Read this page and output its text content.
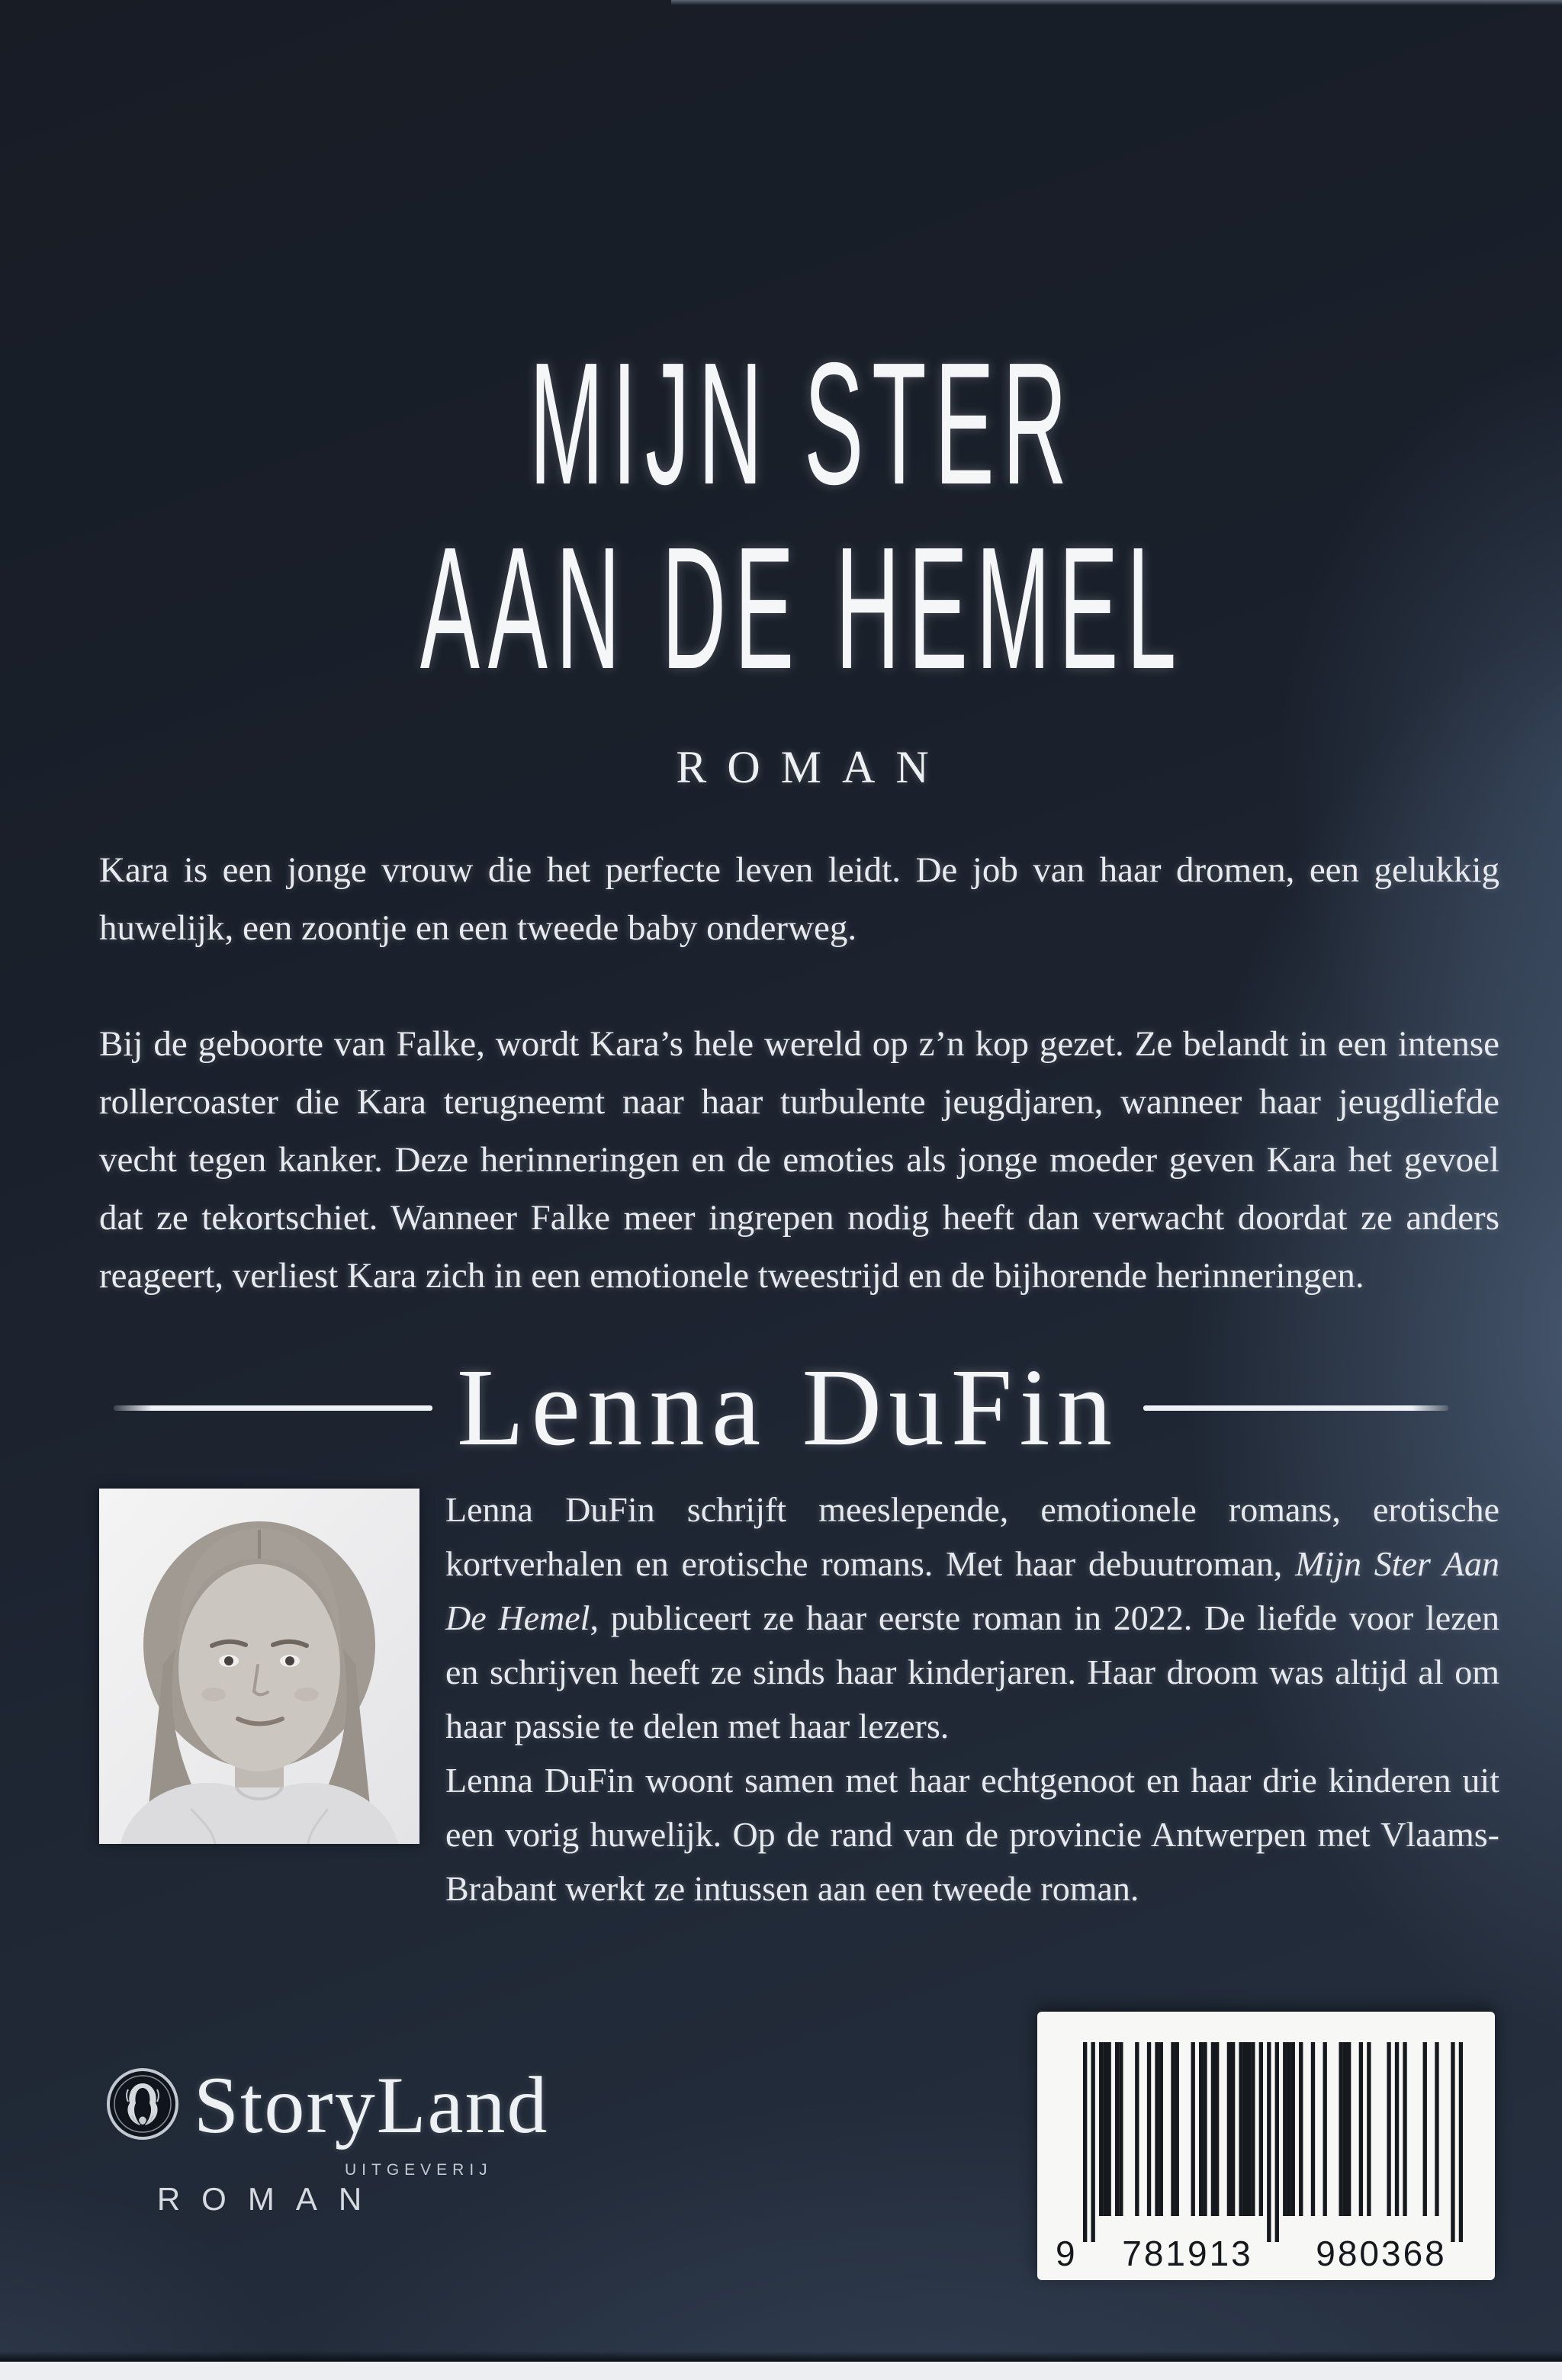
MIJN STER
AAN DE HEMEL
ROMAN

Kara is een jonge vrouw die het perfecte leven leidt. De job van haar dromen, een gelukkig huwelijk, een zoontje en een tweede baby onderweg.

Bij de geboorte van Falke, wordt Kara’s hele wereld op z’n kop gezet. Ze belandt in een intense rollercoaster die Kara terugneemt naar haar turbulente jeugdjaren, wanneer haar jeugdliefde vecht tegen kanker. Deze herinneringen en de emoties als jonge moeder geven Kara het gevoel dat ze tekortschiet. Wanneer Falke meer ingrepen nodig heeft dan verwacht doordat ze anders reageert, verliest Kara zich in een emotionele tweestrijd en de bijhorende herinneringen.

Lenna DuFin

Lenna DuFin schrijft meeslepende, emotionele romans, erotische kortverhalen en erotische romans. Met haar debuutroman, Mijn Ster Aan De Hemel, publiceert ze haar eerste roman in 2022. De liefde voor lezen en schrijven heeft ze sinds haar kinderjaren. Haar droom was altijd al om haar passie te delen met haar lezers.

Lenna DuFin woont samen met haar echtgenoot en haar drie kinderen uit een vorig huwelijk. Op de rand van de provincie Antwerpen met Vlaams-Brabant werkt ze intussen aan een tweede roman.

StoryLand
UITGEVERIJ
ROMAN
9 781913 980368
